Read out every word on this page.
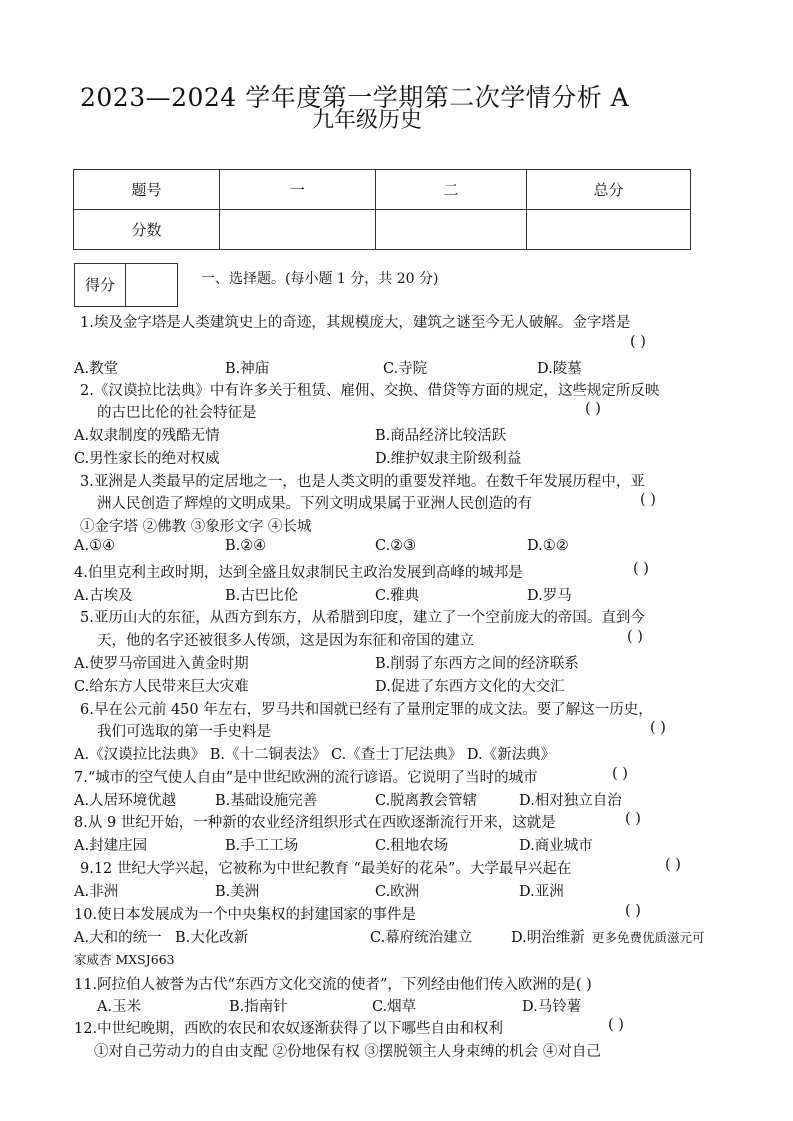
2023—2024 学年度第一学期第二次学情分析 A
九年级历史
题号	一	二	总分
分数			
得分	一、选择题。(每小题 1 分，共 20 分)
1.埃及金字塔是人类建筑史上的奇迹，其规模庞大，建筑之谜至今无人破解。金字塔是
( )
A.教堂	B.神庙	C.寺院	D.陵墓
2.《汉谟拉比法典》中有许多关于租赁、雇佣、交换、借贷等方面的规定，这些规定所反映
的古巴比伦的社会特征是	( )
A.奴隶制度的残酷无情	B.商品经济比较活跃
C.男性家长的绝对权威	D.维护奴隶主阶级利益
3.亚洲是人类最早的定居地之一，也是人类文明的重要发祥地。在数千年发展历程中，亚
洲人民创造了辉煌的文明成果。下列文明成果属于亚洲人民创造的有	( )
①金字塔 ②佛教 ③象形文字 ④长城
A.①④	B.②④	C.②③	D.①②
4.伯里克利主政时期，达到全盛且奴隶制民主政治发展到高峰的城邦是	( )
A.古埃及	B.古巴比伦	C.雅典	D.罗马
5.亚历山大的东征，从西方到东方，从希腊到印度，建立了一个空前庞大的帝国。直到今
天，他的名字还被很多人传颂，这是因为东征和帝国的建立	( )
A.使罗马帝国进入黄金时期	B.削弱了东西方之间的经济联系
C.给东方人民带来巨大灾难	D.促进了东西方文化的大交汇
6.早在公元前 450 年左右，罗马共和国就已经有了量刑定罪的成文法。要了解这一历史，
我们可选取的第一手史料是	( )
A.《汉谟拉比法典》 B.《十二铜表法》 C.《查士丁尼法典》 D.《新法典》
7.“城市的空气使人自由”是中世纪欧洲的流行谚语。它说明了当时的城市	( )
A.人居环境优越	B.基础设施完善	C.脱离教会管辖	D.相对独立自治
8.从 9 世纪开始，一种新的农业经济组织形式在西欧逐渐流行开来，这就是	( )
A.封建庄园	B.手工工场	C.租地农场	D.商业城市
9.12 世纪大学兴起，它被称为中世纪教育 “最美好的花朵”。大学最早兴起在	( )
A.非洲	B.美洲	C.欧洲	D.亚洲
10.使日本发展成为一个中央集权的封建国家的事件是	( )
A.大和的统一 B.大化改新	C.幕府统治建立	D.明治维新 更多免费优质滋元可
家威杏 MXSJ663
11.阿拉伯人被誉为古代“东西方文化交流的使者”，下列经由他们传入欧洲的是( )
A.玉米	B.指南针	C.烟草	D.马铃薯
12.中世纪晚期，西欧的农民和农奴逐渐获得了以下哪些自由和权利	( )
①对自己劳动力的自由支配 ②份地保有权 ③摆脱领主人身束缚的机会 ④对自己
